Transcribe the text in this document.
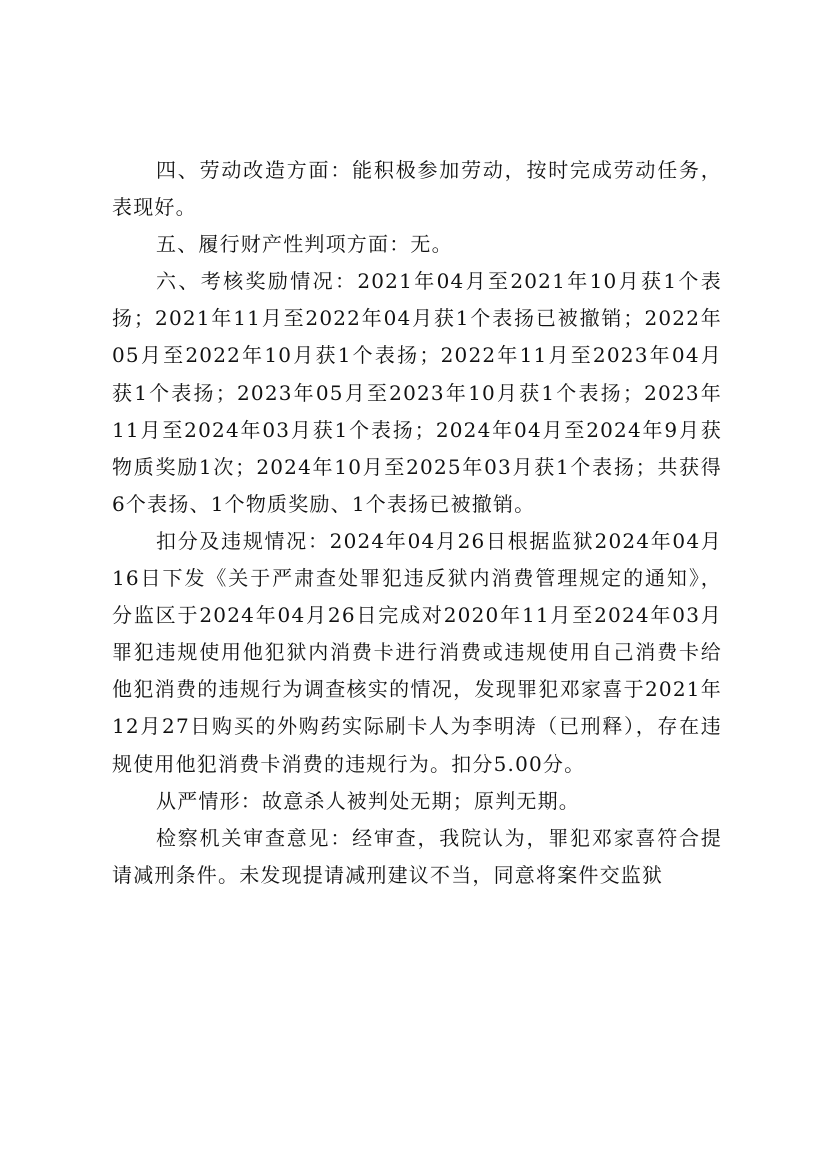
四、劳动改造方面：能积极参加劳动，按时完成劳动任务，表现好。

五、履行财产性判项方面：无。

六、考核奖励情况：2021年04月至2021年10月获1个表扬；2021年11月至2022年04月获1个表扬已被撤销；2022年05月至2022年10月获1个表扬；2022年11月至2023年04月获1个表扬；2023年05月至2023年10月获1个表扬；2023年11月至2024年03月获1个表扬；2024年04月至2024年9月获物质奖励1次；2024年10月至2025年03月获1个表扬；共获得6个表扬、1个物质奖励、1个表扬已被撤销。

扣分及违规情况：2024年04月26日根据监狱2024年04月16日下发《关于严肃查处罪犯违反狱内消费管理规定的通知》，分监区于2024年04月26日完成对2020年11月至2024年03月罪犯违规使用他犯狱内消费卡进行消费或违规使用自己消费卡给他犯消费的违规行为调查核实的情况，发现罪犯邓家喜于2021年12月27日购买的外购药实际刷卡人为李明涛（已刑释），存在违规使用他犯消费卡消费的违规行为。扣分5.00分。

从严情形：故意杀人被判处无期；原判无期。

检察机关审查意见：经审查，我院认为，罪犯邓家喜符合提请减刑条件。未发现提请减刑建议不当，同意将案件交监狱
